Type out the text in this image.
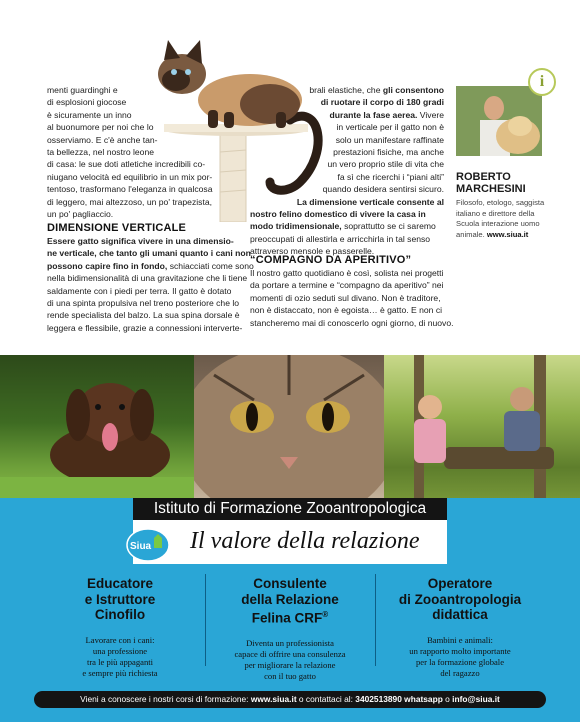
menti guardinghi e
di esplosioni giocose
è sicuramente un inno
al buonumore per noi che lo
osserviamo. E c'è anche tan-
ta bellezza, nel nostro leone
di casa: le sue doti atletiche incredibili co-
niugano velocità ed equilibrio in un mix por-
tentoso, trasformano l'eleganza in qualcosa
di leggero, mai altezzoso, un po' trapezista,
un po' pagliaccio.
DIMENSIONE VERTICALE
Essere gatto significa vivere in una dimensio-
ne verticale, che tanto gli umani quanto i cani non
possono capire fino in fondo, schiacciati come sono
nella bidimensionalità di una gravitazione che li tiene
saldamente con i piedi per terra. Il gatto è dotato
di una spinta propulsiva nel treno posteriore che lo
rende specialista del balzo. La sua spina dorsale è
leggera e flessibile, grazie a connessioni interverte-
brali elastiche, che gli consentono
di ruotare il corpo di 180 gradi
durante la fase aerea. Vivere
in verticale per il gatto non è
solo un manifestare raffinate
prestazioni fisiche, ma anche
un vero proprio stile di vita che
fa sì che ricerchi i “piani alti”
quando desidera sentirsi sicuro.
La dimensione verticale consente al
nostro felino domestico di vivere la casa in
modo tridimensionale, soprattutto se ci saremo
preoccupati di allestirla e arricchirla in tal senso
attraverso mensole e passerelle.
“COMPAGNO DA APERITIVO”
Il nostro gatto quotidiano è così, solista nei progetti
da portare a termine e “compagno da aperitivo” nei
momenti di ozio seduti sul divano. Non è traditore,
non è distaccato, non è egoista… è gatto. E non ci
stancheremo mai di conoscerlo ogni giorno, di nuovo.
i
ROBERTO
MARCHESINI
Filosofo, etologo, saggista
italiano e direttore della
Scuola interazione uomo
animale. www.siua.it
Istituto di Formazione Zooantropologica
Siua Il valore della relazione
Educatore
e Istruttore
Cinofilo
Lavorare con i cani:
una professione
tra le più appaganti
e sempre più richiesta
Consulente
della Relazione
Felina CRF®
Diventa un professionista
capace di offrire una consulenza
per migliorare la relazione
con il tuo gatto
Operatore
di Zooantropologia
didattica
Bambini e animali:
un rapporto molto importante
per la formazione globale
del ragazzo
Vieni a conoscere i nostri corsi di formazione: www.siua.it o contattaci al: 3402513890 whatsapp o info@siua.it
